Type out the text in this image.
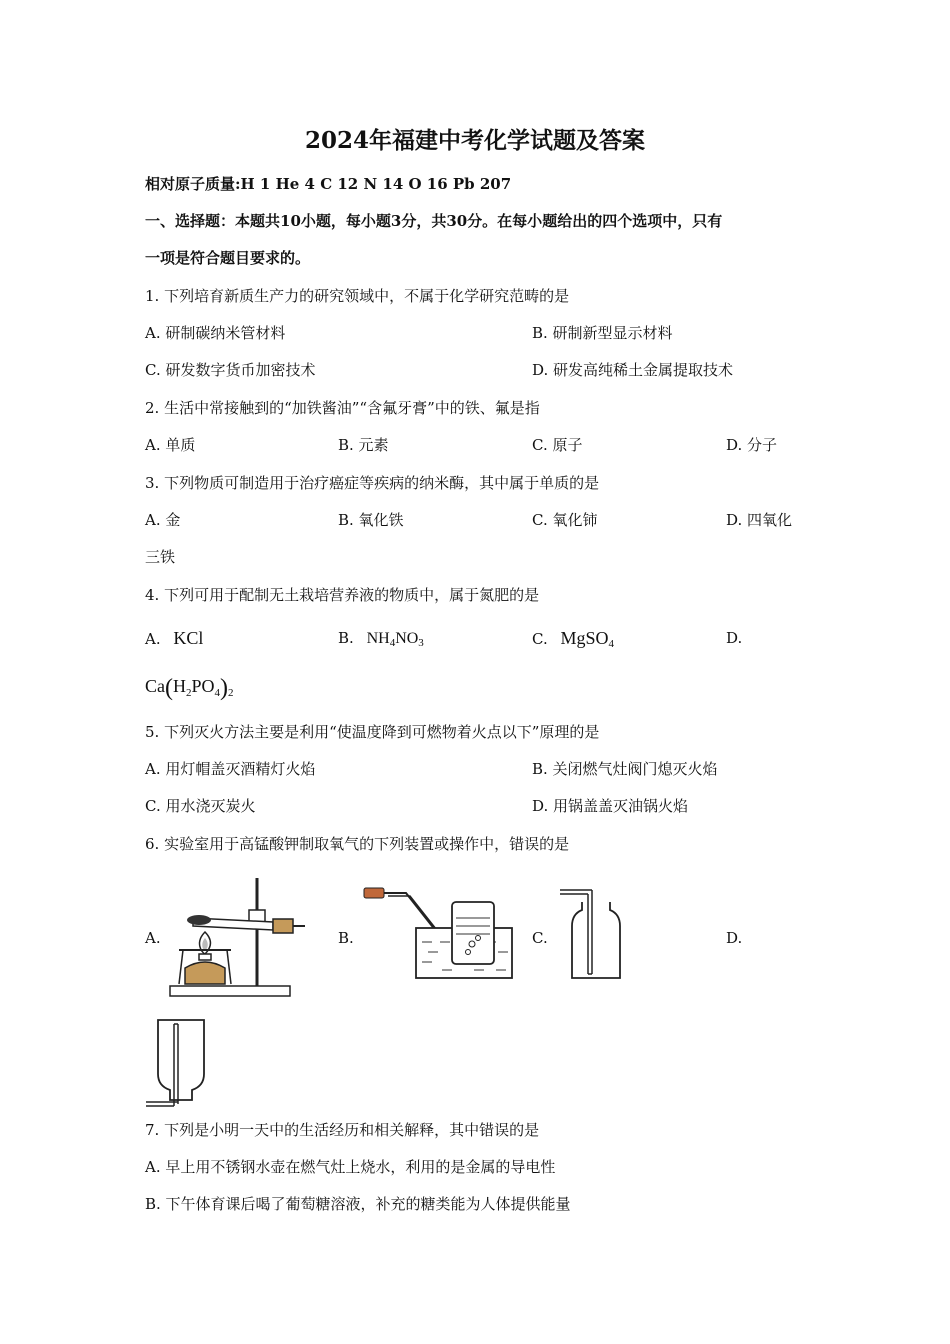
2024年福建中考化学试题及答案
相对原子质量:H 1 He 4 C 12 N 14 O 16 Pb 207
一、选择题：本题共10小题，每小题3分，共30分。在每小题给出的四个选项中，只有
一项是符合题目要求的。
1. 下列培育新质生产力的研究领域中，不属于化学研究范畴的是
A. 研制碳纳米管材料	B. 研制新型显示材料
C. 研发数字货币加密技术	D. 研发高纯稀土金属提取技术
2. 生活中常接触到的“加铁酱油”“含氟牙膏”中的铁、氟是指
A. 单质	B. 元素	C. 原子	D. 分子
3. 下列物质可制造用于治疗癌症等疾病的纳米酶，其中属于单质的是
A. 金	B. 氧化铁	C. 氧化铈	D. 四氧化
三铁
4. 下列可用于配制无土栽培营养液的物质中，属于氮肥的是
A. KCl	B. $NH_4NO_3$	C. MgSO$_4$	D.
$Ca(H_2PO_4)_2$
5. 下列灭火方法主要是利用“使温度降到可燃物着火点以下”原理的是
A. 用灯帽盖灭酒精灯火焰	B. 关闭燃气灶阀门熄灭火焰
C. 用水浇灭炭火	D. 用锅盖盖灭油锅火焰
6. 实验室用于高锰酸钾制取氧气的下列装置或操作中，错误的是
A.	B.	C.	D.
7. 下列是小明一天中的生活经历和相关解释，其中错误的是
A. 早上用不锈钢水壶在燃气灶上烧水，利用的是金属的导电性
B. 下午体育课后喝了葡萄糖溶液，补充的糖类能为人体提供能量
